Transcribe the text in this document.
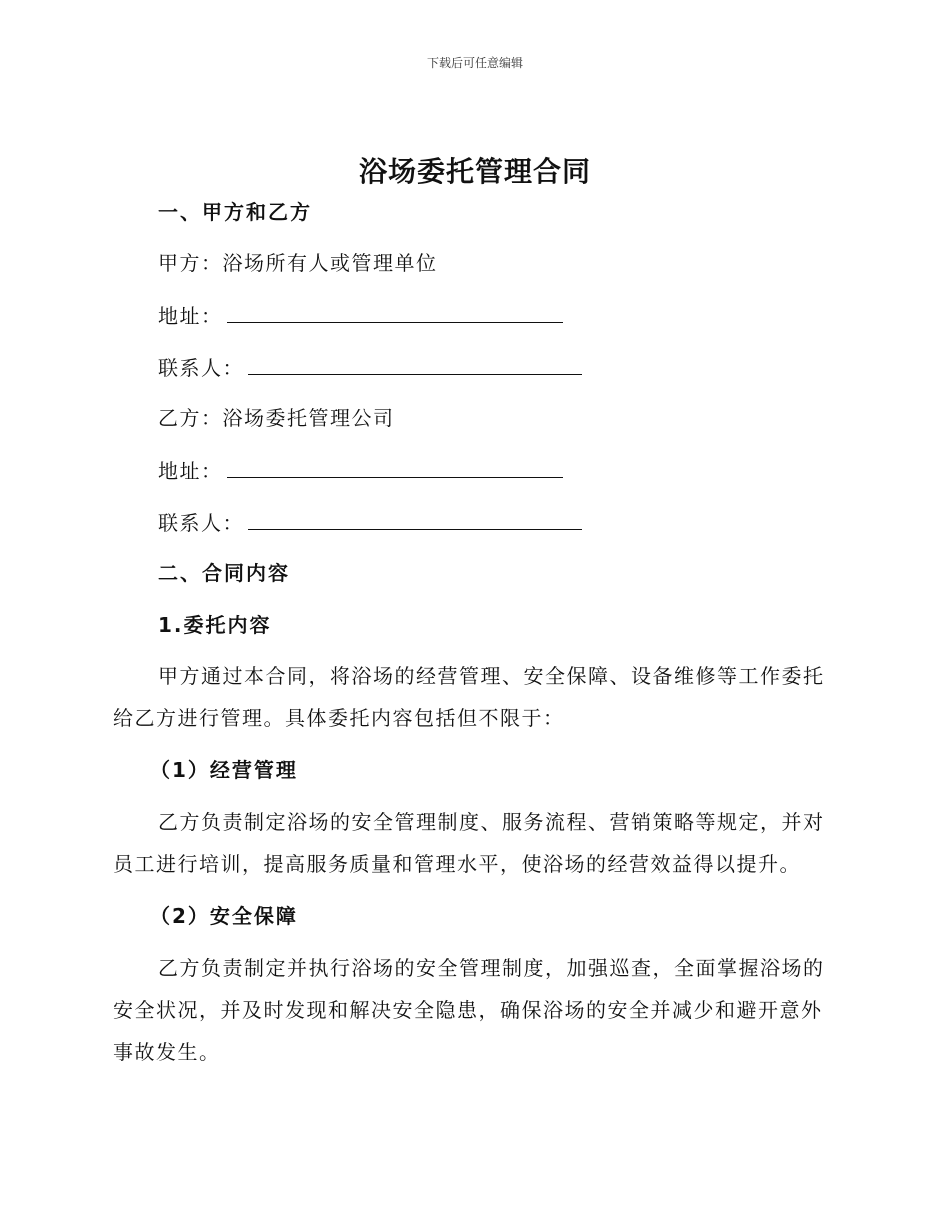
下载后可任意编辑
浴场委托管理合同
一、甲方和乙方
甲方：浴场所有人或管理单位
地址：
联系人：
乙方：浴场委托管理公司
地址：
联系人：
二、合同内容
1.委托内容
甲方通过本合同，将浴场的经营管理、安全保障、设备维修等工作委托
给乙方进行管理。具体委托内容包括但不限于：
（1）经营管理
乙方负责制定浴场的安全管理制度、服务流程、营销策略等规定，并对
员工进行培训，提高服务质量和管理水平，使浴场的经营效益得以提升。
（2）安全保障
乙方负责制定并执行浴场的安全管理制度，加强巡查，全面掌握浴场的
安全状况，并及时发现和解决安全隐患，确保浴场的安全并减少和避开意外
事故发生。
